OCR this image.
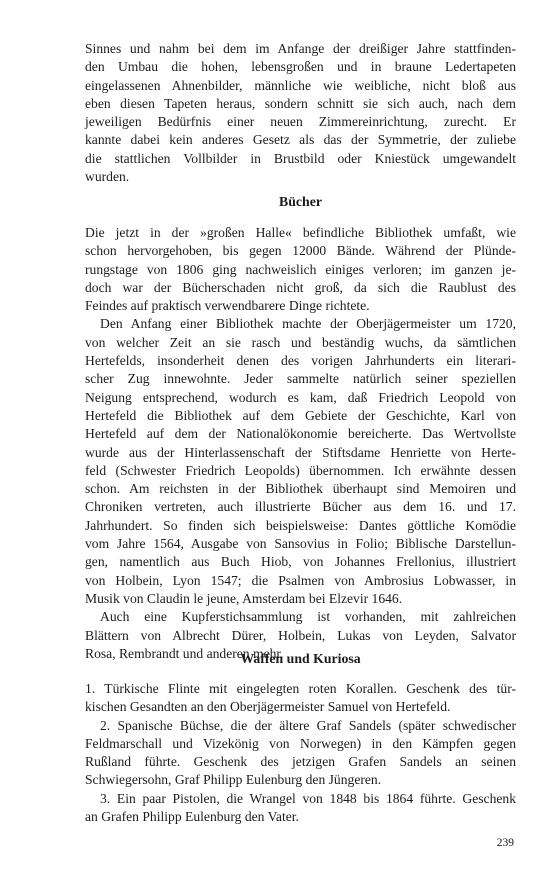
Sinnes und nahm bei dem im Anfange der dreißiger Jahre stattfinden-
den Umbau die hohen, lebensgroßen und in braune Ledertapeten
eingelassenen Ahnenbilder, männliche wie weibliche, nicht bloß aus
eben diesen Tapeten heraus, sondern schnitt sie sich auch, nach dem
jeweiligen Bedürfnis einer neuen Zimmereinrichtung, zurecht. Er
kannte dabei kein anderes Gesetz als das der Symmetrie, der zuliebe
die stattlichen Vollbilder in Brustbild oder Kniestück umgewandelt
wurden.
Bücher
Die jetzt in der »großen Halle« befindliche Bibliothek umfaßt, wie
schon hervorgehoben, bis gegen 12000 Bände. Während der Plünde-
rungstage von 1806 ging nachweislich einiges verloren; im ganzen je-
doch war der Bücherschaden nicht groß, da sich die Raublust des
Feindes auf praktisch verwendbarere Dinge richtete.
Den Anfang einer Bibliothek machte der Oberjägermeister um 1720,
von welcher Zeit an sie rasch und beständig wuchs, da sämtlichen
Hertefelds, insonderheit denen des vorigen Jahrhunderts ein literari-
scher Zug innewohnte. Jeder sammelte natürlich seiner speziellen
Neigung entsprechend, wodurch es kam, daß Friedrich Leopold von
Hertefeld die Bibliothek auf dem Gebiete der Geschichte, Karl von
Hertefeld auf dem der Nationalökonomie bereicherte. Das Wertvollste
wurde aus der Hinterlassenschaft der Stiftsdame Henriette von Herte-
feld (Schwester Friedrich Leopolds) übernommen. Ich erwähnte dessen
schon. Am reichsten in der Bibliothek überhaupt sind Memoiren und
Chroniken vertreten, auch illustrierte Bücher aus dem 16. und 17.
Jahrhundert. So finden sich beispielsweise: Dantes göttliche Komödie
vom Jahre 1564, Ausgabe von Sansovius in Folio; Biblische Darstellun-
gen, namentlich aus Buch Hiob, von Johannes Frellonius, illustriert
von Holbein, Lyon 1547; die Psalmen von Ambrosius Lobwasser, in
Musik von Claudin le jeune, Amsterdam bei Elzevir 1646.
Auch eine Kupferstichsammlung ist vorhanden, mit zahlreichen
Blättern von Albrecht Dürer, Holbein, Lukas von Leyden, Salvator
Rosa, Rembrandt und anderen mehr.
Waffen und Kuriosa
1. Türkische Flinte mit eingelegten roten Korallen. Geschenk des tür-
kischen Gesandten an den Oberjägermeister Samuel von Hertefeld.
2. Spanische Büchse, die der ältere Graf Sandels (später schwedischer
Feldmarschall und Vizekönig von Norwegen) in den Kämpfen gegen
Rußland führte. Geschenk des jetzigen Grafen Sandels an seinen
Schwiegersohn, Graf Philipp Eulenburg den Jüngeren.
3. Ein paar Pistolen, die Wrangel von 1848 bis 1864 führte. Geschenk
an Grafen Philipp Eulenburg den Vater.
239
